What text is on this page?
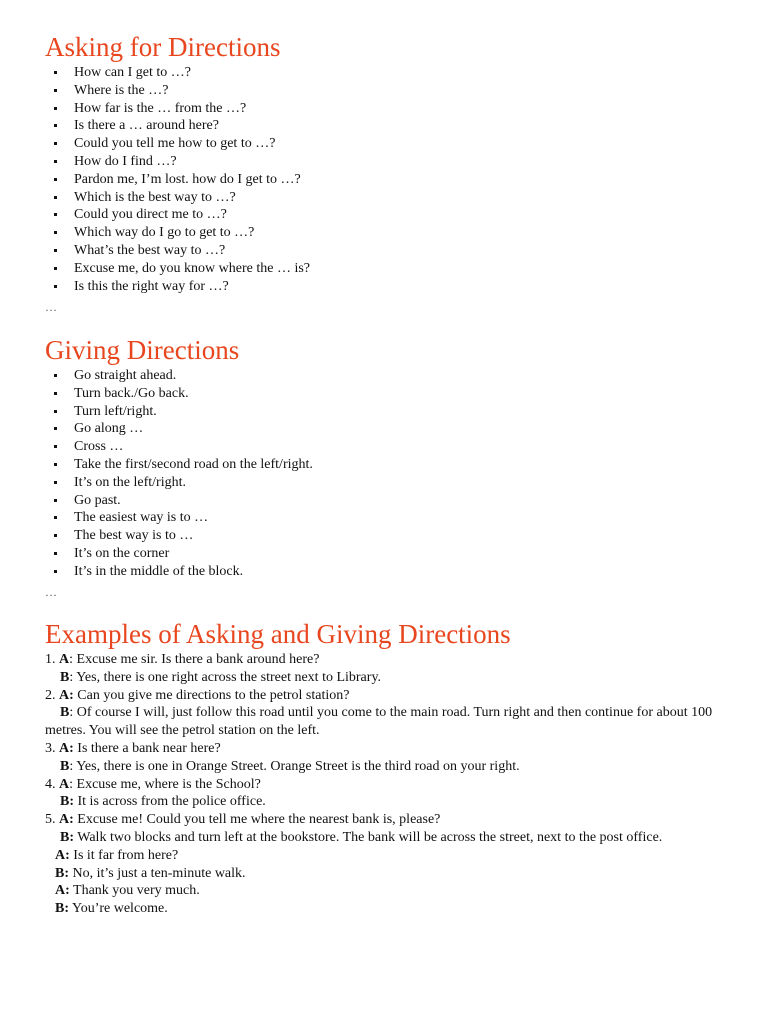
Asking for Directions
How can I get to …?
Where is the …?
How far is the … from the …?
Is there a … around here?
Could you tell me how to get to …?
How do I find …?
Pardon me, I’m lost. how do I get to …?
Which is the best way to …?
Could you direct me to …?
Which way do I go to get to …?
What’s the best way to …?
Excuse me, do you know where the … is?
Is this the right way for …?
…
Giving Directions
Go straight ahead.
Turn back./Go back.
Turn left/right.
Go along …
Cross …
Take the first/second road on the left/right.
It’s on the left/right.
Go past.
The easiest way is to …
The best way is to …
It’s on the corner
It’s in the middle of the block.
…
Examples of Asking and Giving Directions
1. A: Excuse me sir. Is there a bank around here?
B: Yes, there is one right across the street next to Library.
2. A: Can you give me directions to the petrol station?
B: Of course I will, just follow this road until you come to the main road. Turn right and then continue for about 100 metres. You will see the petrol station on the left.
3. A: Is there a bank near here?
B: Yes, there is one in Orange Street. Orange Street is the third road on your right.
4. A: Excuse me, where is the School?
B: It is across from the police office.
5. A: Excuse me! Could you tell me where the nearest bank is, please?
B: Walk two blocks and turn left at the bookstore. The bank will be across the street, next to the post office.
A: Is it far from here?
B: No, it’s just a ten-minute walk.
A: Thank you very much.
B: You’re welcome.
